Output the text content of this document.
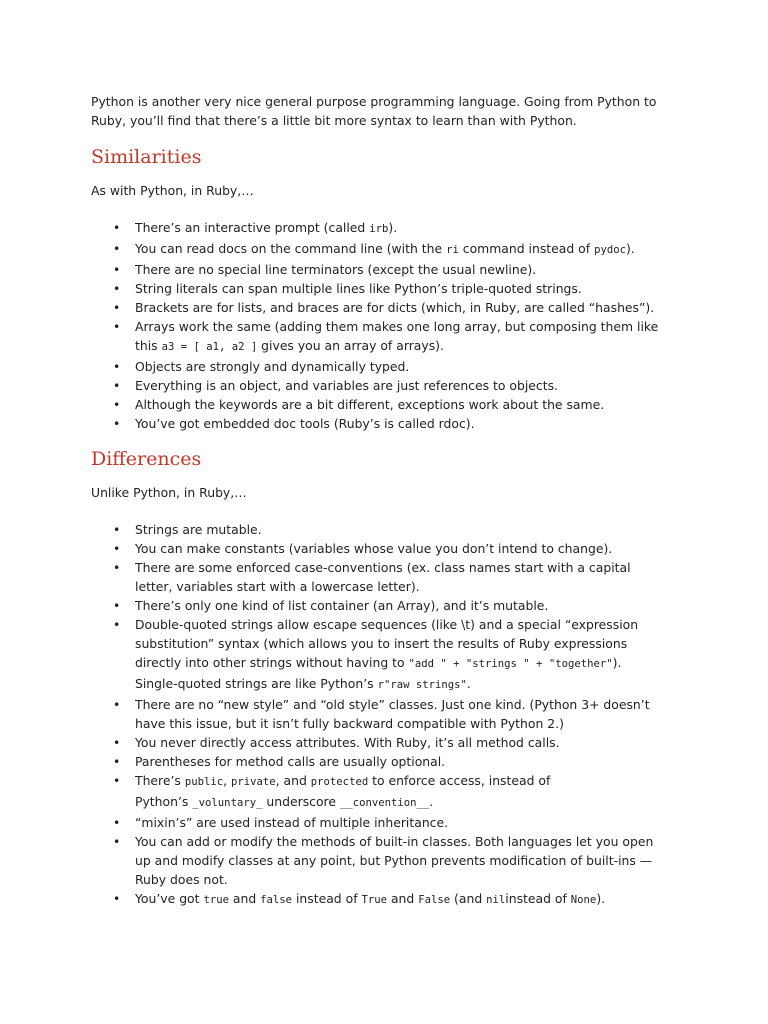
Python is another very nice general purpose programming language. Going from Python to
Ruby, you’ll find that there’s a little bit more syntax to learn than with Python.

Similarities

As with Python, in Ruby,…

• There’s an interactive prompt (called irb).
• You can read docs on the command line (with the ri command instead of pydoc).
• There are no special line terminators (except the usual newline).
• String literals can span multiple lines like Python’s triple-quoted strings.
• Brackets are for lists, and braces are for dicts (which, in Ruby, are called “hashes”).
• Arrays work the same (adding them makes one long array, but composing them like
this a3 = [ a1, a2 ] gives you an array of arrays).
• Objects are strongly and dynamically typed.
• Everything is an object, and variables are just references to objects.
• Although the keywords are a bit different, exceptions work about the same.
• You’ve got embedded doc tools (Ruby’s is called rdoc).
Differences

Unlike Python, in Ruby,…

• Strings are mutable.
• You can make constants (variables whose value you don’t intend to change).
• There are some enforced case-conventions (ex. class names start with a capital
letter, variables start with a lowercase letter).
• There’s only one kind of list container (an Array), and it’s mutable.
• Double-quoted strings allow escape sequences (like \t) and a special “expression
substitution” syntax (which allows you to insert the results of Ruby expressions
directly into other strings without having to "add " + "strings " + "together").
Single-quoted strings are like Python’s r"raw strings".
• There are no “new style” and “old style” classes. Just one kind. (Python 3+ doesn’t
have this issue, but it isn’t fully backward compatible with Python 2.)
• You never directly access attributes. With Ruby, it’s all method calls.
• Parentheses for method calls are usually optional.
• There’s public, private, and protected to enforce access, instead of
Python’s _voluntary_ underscore __convention__.
• “mixin’s” are used instead of multiple inheritance.
• You can add or modify the methods of built-in classes. Both languages let you open
up and modify classes at any point, but Python prevents modification of built-ins —
Ruby does not.
• You’ve got true and false instead of True and False (and nilinstead of None).
